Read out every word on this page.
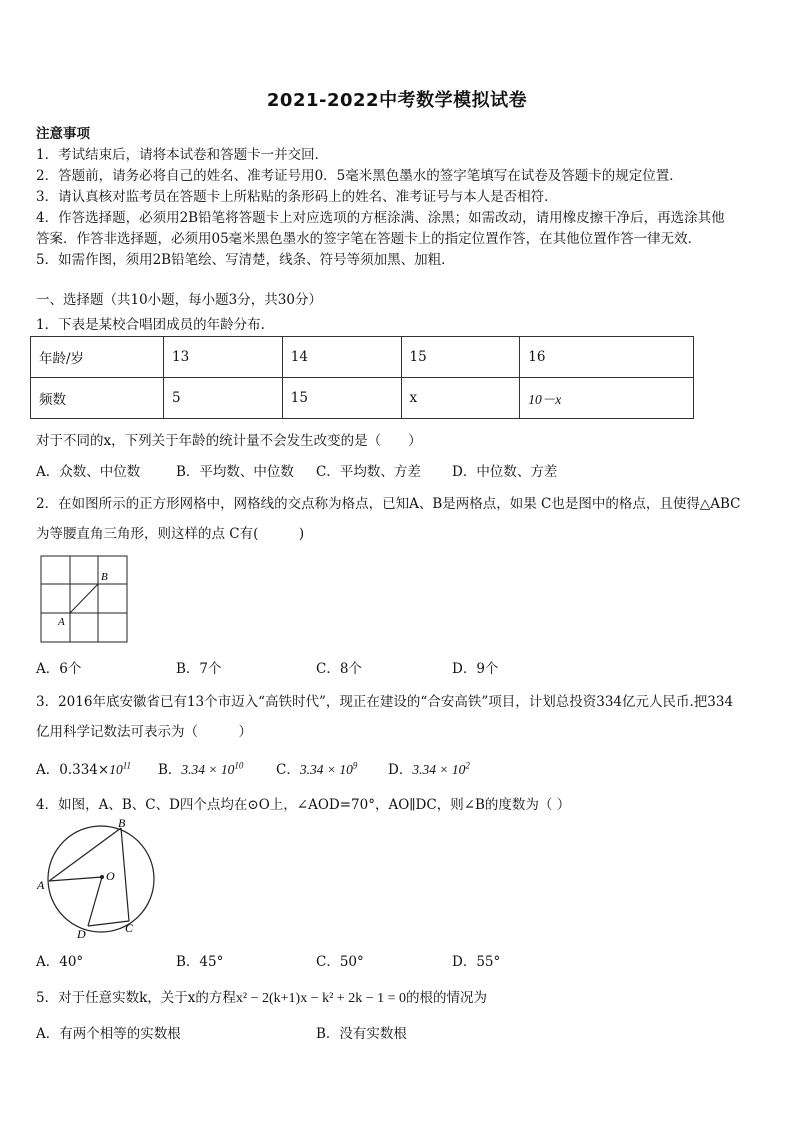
2021-2022中考数学模拟试卷
注意事项
1．考试结束后，请将本试卷和答题卡一并交回．
2．答题前，请务必将自己的姓名、准考证号用0．5毫米黑色墨水的签字笔填写在试卷及答题卡的规定位置．
3．请认真核对监考员在答题卡上所粘贴的条形码上的姓名、准考证号与本人是否相符．
4．作答选择题，必须用2B铅笔将答题卡上对应选项的方框涂满、涂黑；如需改动，请用橡皮擦干净后，再选涂其他
答案．作答非选择题，必须用05毫米黑色墨水的签字笔在答题卡上的指定位置作答，在其他位置作答一律无效．
5．如需作图，须用2B铅笔绘、写清楚，线条、符号等须加黑、加粗．
一、选择题（共10小题，每小题3分，共30分）
1．下表是某校合唱团成员的年龄分布.
年龄/岁	13	14	15	16
频数	5	15	x	10－x
对于不同的x，下列关于年龄的统计量不会发生改变的是（　　）
A．众数、中位数	B．平均数、中位数 C．平均数、方差 D．中位数、方差
2．在如图所示的正方形网格中，网格线的交点称为格点，已知A、B是两格点，如果 C也是图中的格点，且使得△ABC
为等腰直角三角形，则这样的点 C有(　　　)
A
B
A．6个	B．7个	C．8个	D．9个
3．2016年底安徽省已有13个市迈入“高铁时代”，现正在建设的“合安高铁”项目，计划总投资334亿元人民币.把334
亿用科学记数法可表示为（　　　）
A．$0.334\times 10^{11}$ B．$3.34 \times 10^{10}$ C．$3.34 \times 10^9$ D．$3.34 \times 10^2$
4．如图，A、B、C、D四个点均在⊙O上，∠AOD=70°，AO∥DC，则∠B的度数为（ ）
A
B
C
D
O
A．40°	B．45°	C．50°	D．55°
5．对于任意实数k，关于x的方程x² − 2(k+1)x − k² + 2k − 1 = 0的根的情况为
A．有两个相等的实数根	B．没有实数根
